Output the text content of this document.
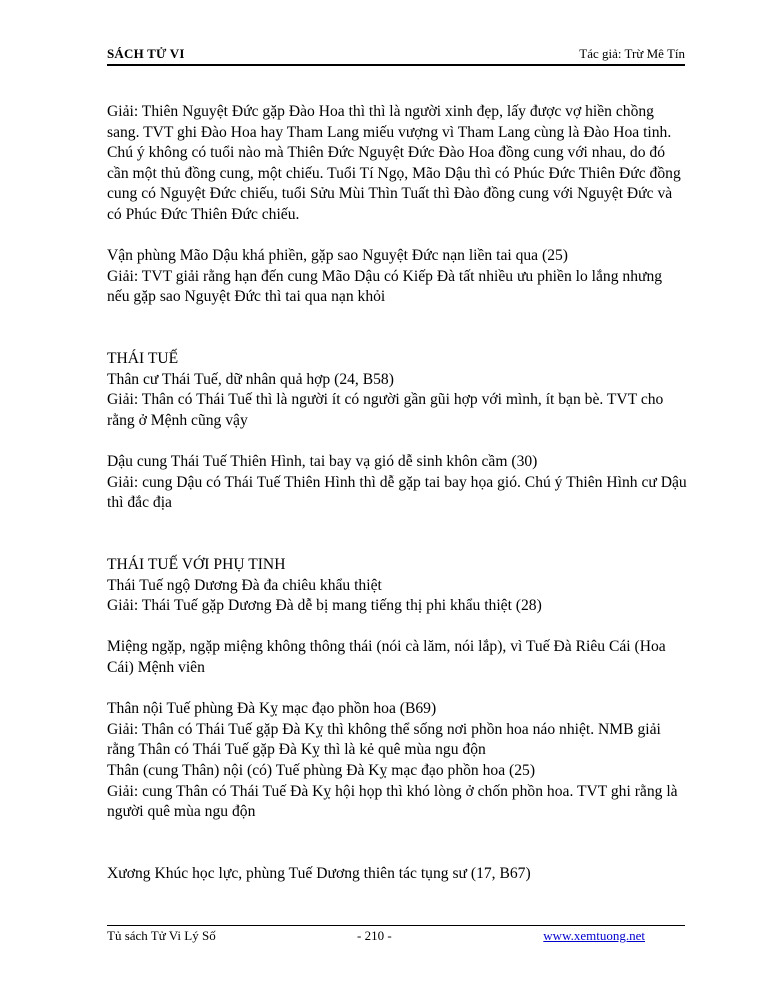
SÁCH TỬ VI	Tác giả: Trừ Mê Tín

Giải: Thiên Nguyệt Đức gặp Đào Hoa thì thì là người xinh đẹp, lấy được vợ hiền chồng sang. TVT ghi Đào Hoa hay Tham Lang miếu vượng vì Tham Lang cùng là Đào Hoa tinh. Chú ý không có tuổi nào mà Thiên Đức Nguyệt Đức Đào Hoa đồng cung với nhau, do đó cần một thủ đồng cung, một chiếu. Tuổi Tí Ngọ, Mão Dậu thì có Phúc Đức Thiên Đức đồng cung có Nguyệt Đức chiếu, tuổi Sửu Mùi Thìn Tuất thì Đào đồng cung với Nguyệt Đức và có Phúc Đức Thiên Đức chiếu.

Vận phùng Mão Dậu khá phiền, gặp sao Nguyệt Đức nạn liền tai qua (25)

Giải: TVT giải rằng hạn đến cung Mão Dậu có Kiếp Đà tất nhiều ưu phiền lo lắng nhưng nếu gặp sao Nguyệt Đức thì tai qua nạn khỏi

THÁI TUẾ

Thân cư Thái Tuế, dữ nhân quả hợp (24, B58)

Giải: Thân có Thái Tuế thì là người ít có người gần gũi hợp với mình, ít bạn bè. TVT cho rằng ở Mệnh cũng vậy

Dậu cung Thái Tuế Thiên Hình, tai bay vạ gió dễ sinh khôn cầm (30)

Giải: cung Dậu có Thái Tuế Thiên Hình thì dễ gặp tai bay họa gió. Chú ý Thiên Hình cư Dậu thì đắc địa

THÁI TUẾ VỚI PHỤ TINH

Thái Tuế ngộ Dương Đà đa chiêu khẩu thiệt

Giải: Thái Tuế gặp Dương Đà dễ bị mang tiếng thị phi khẩu thiệt (28)

Miệng ngặp, ngặp miệng không thông thái (nói cà lăm, nói lắp), vì Tuế Đà Riêu Cái (Hoa Cái) Mệnh viên

Thân nội Tuế phùng Đà Kỵ mạc đạo phồn hoa (B69)

Giải: Thân có Thái Tuế gặp Đà Kỵ thì không thể sống nơi phồn hoa náo nhiệt. NMB giải rằng Thân có Thái Tuế gặp Đà Kỵ thì là kẻ quê mùa ngu độn

Thân (cung Thân) nội (có) Tuế phùng Đà Kỵ mạc đạo phồn hoa (25)

Giải: cung Thân có Thái Tuế Đà Kỵ hội họp thì khó lòng ở chốn phồn hoa. TVT ghi rằng là người quê mùa ngu độn

Xương Khúc học lực, phùng Tuế Dương thiên tác tụng sư (17, B67)

Tủ sách Tử Vi Lý Số	- 210 -	www.xemtuong.net
